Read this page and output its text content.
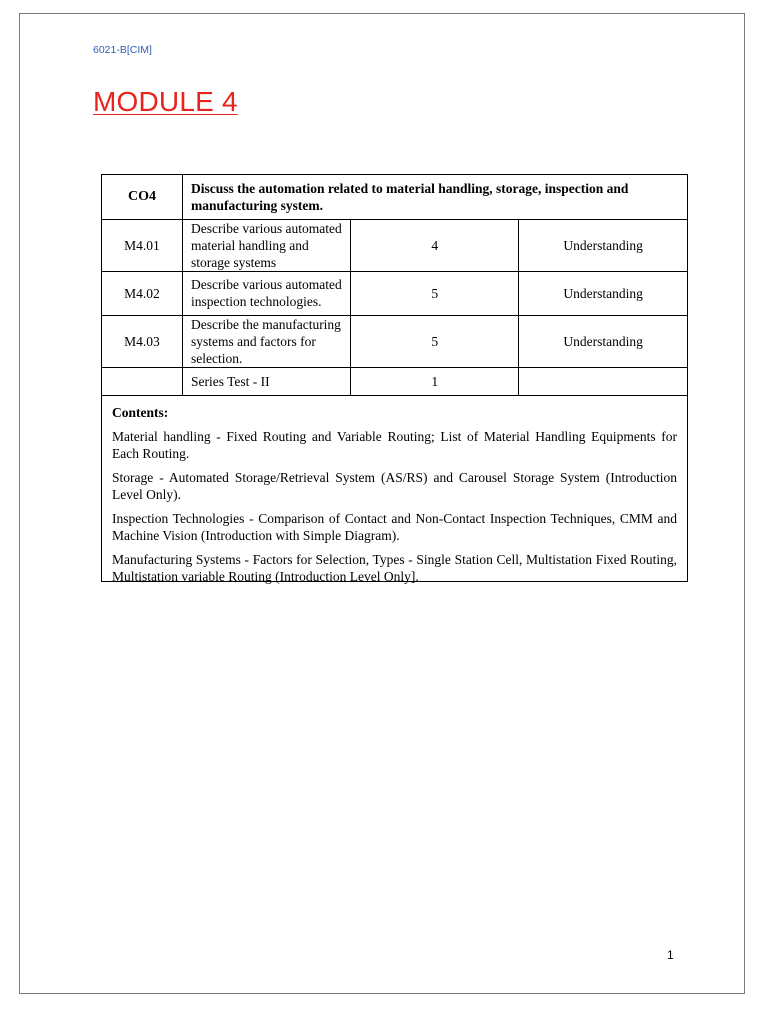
6021-B[CIM]
MODULE 4
CO4	Discuss the automation related to material handling, storage, inspection and manufacturing system.		
M4.01	Describe various automated material handling and storage systems	4	Understanding
M4.02	Describe various automated inspection technologies.	5	Understanding
M4.03	Describe the manufacturing systems and factors for selection.	5	Understanding
	Series Test - II	1	
Contents:

Material handling - Fixed Routing and Variable Routing; List of Material Handling Equipments for Each Routing.

Storage - Automated Storage/Retrieval System (AS/RS) and Carousel Storage System (Introduction Level Only).

Inspection Technologies - Comparison of Contact and Non-Contact Inspection Techniques, CMM and Machine Vision (Introduction with Simple Diagram).

Manufacturing Systems - Factors for Selection, Types - Single Station Cell, Multistation Fixed Routing, Multistation variable Routing (Introduction Level Only].

1
